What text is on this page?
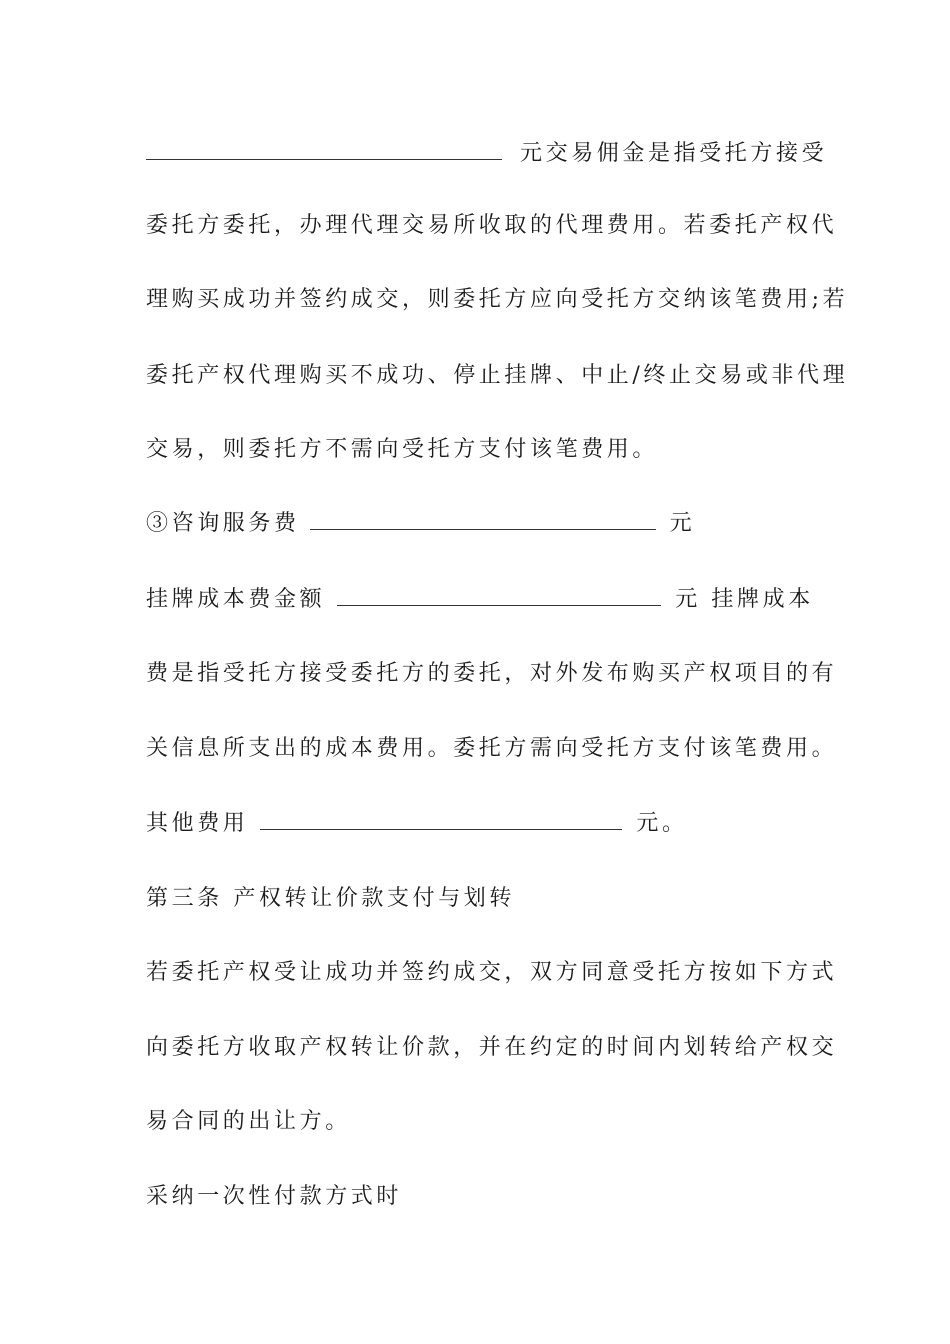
元交易佣金是指受托方接受
委托方委托，办理代理交易所收取的代理费用。若委托产权代
理购买成功并签约成交，则委托方应向受托方交纳该笔费用;若
委托产权代理购买不成功、停止挂牌、中止/终止交易或非代理
交易，则委托方不需向受托方支付该笔费用。
③咨询服务费	元
挂牌成本费金额	元 挂牌成本
费是指受托方接受委托方的委托，对外发布购买产权项目的有
关信息所支出的成本费用。委托方需向受托方支付该笔费用。
其他费用	元。
第三条 产权转让价款支付与划转
若委托产权受让成功并签约成交，双方同意受托方按如下方式
向委托方收取产权转让价款，并在约定的时间内划转给产权交
易合同的出让方。
采纳一次性付款方式时
